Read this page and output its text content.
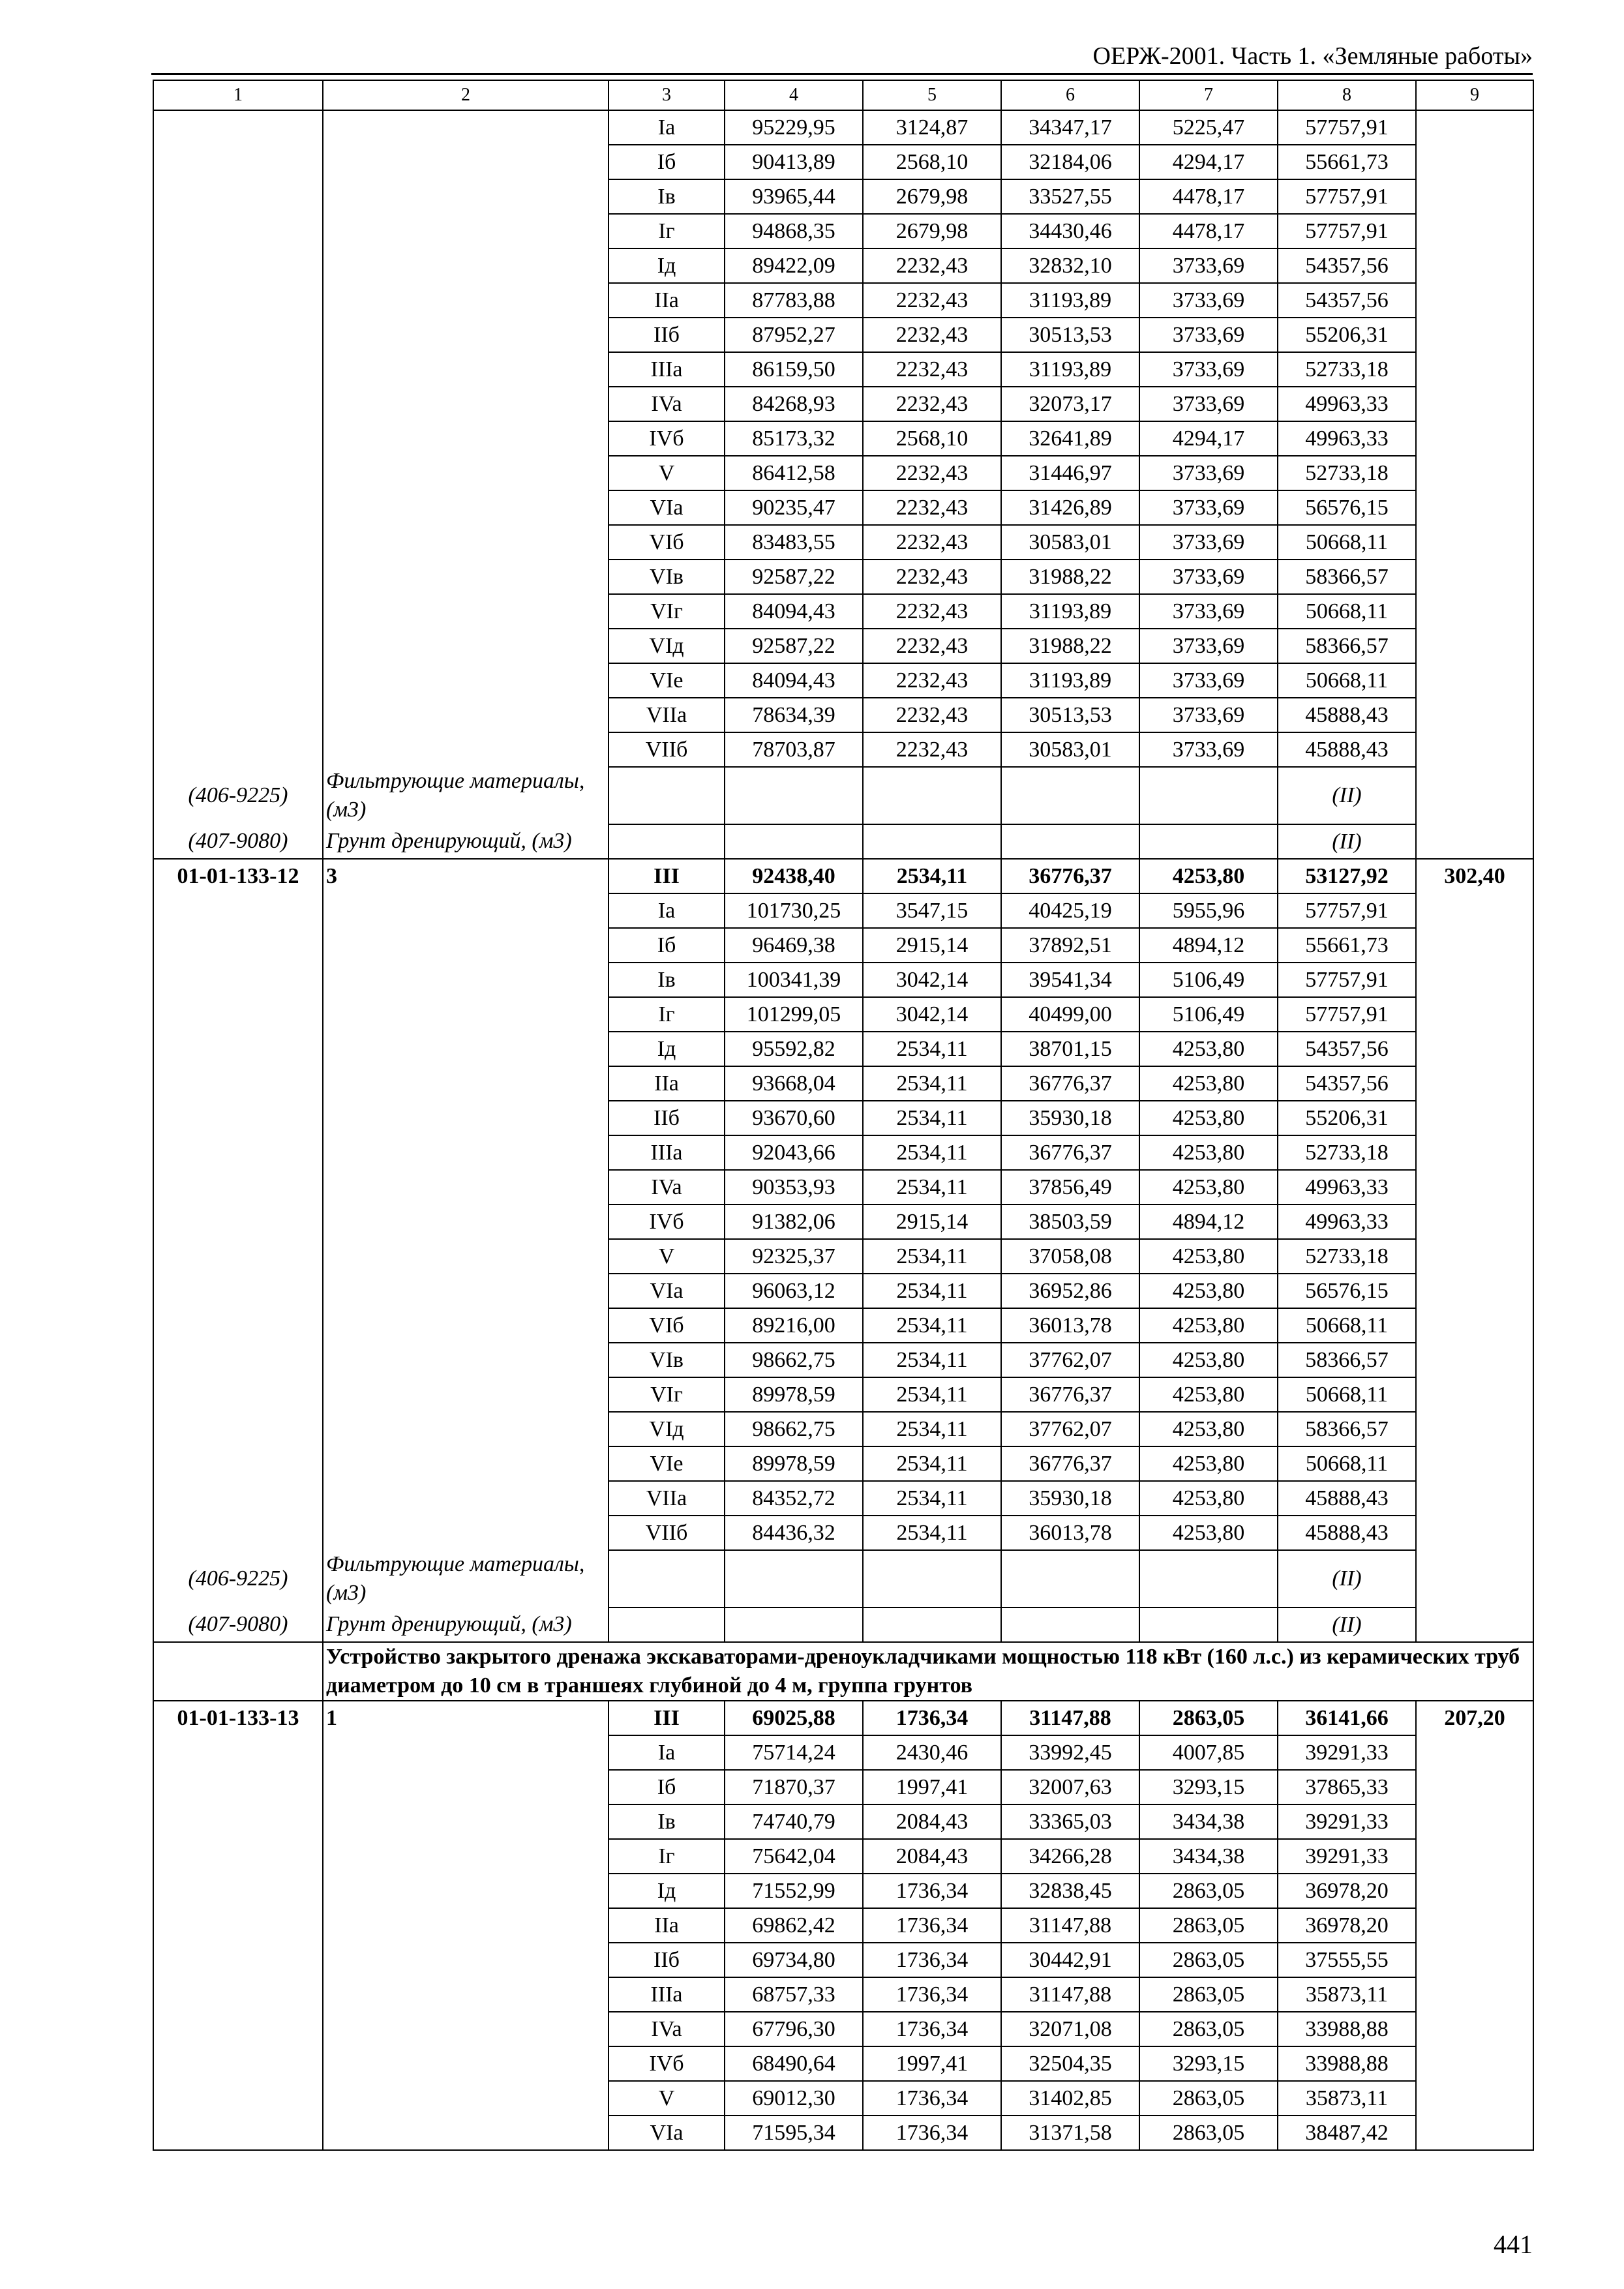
ОЕРЖ-2001. Часть 1. «Земляные работы»
1	2	3	4	5	6	7	8	9
		Ia	95229,95	3124,87	34347,17	5225,47	57757,91	
		Iб	90413,89	2568,10	32184,06	4294,17	55661,73	
		Iв	93965,44	2679,98	33527,55	4478,17	57757,91	
		Iг	94868,35	2679,98	34430,46	4478,17	57757,91	
		Iд	89422,09	2232,43	32832,10	3733,69	54357,56	
		IIa	87783,88	2232,43	31193,89	3733,69	54357,56	
		IIб	87952,27	2232,43	30513,53	3733,69	55206,31	
		IIIa	86159,50	2232,43	31193,89	3733,69	52733,18	
		IVa	84268,93	2232,43	32073,17	3733,69	49963,33	
		IVб	85173,32	2568,10	32641,89	4294,17	49963,33	
		V	86412,58	2232,43	31446,97	3733,69	52733,18	
		VIa	90235,47	2232,43	31426,89	3733,69	56576,15	
		VIб	83483,55	2232,43	30583,01	3733,69	50668,11	
		VIв	92587,22	2232,43	31988,22	3733,69	58366,57	
		VIг	84094,43	2232,43	31193,89	3733,69	50668,11	
		VIд	92587,22	2232,43	31988,22	3733,69	58366,57	
		VIe	84094,43	2232,43	31193,89	3733,69	50668,11	
		VIIa	78634,39	2232,43	30513,53	3733,69	45888,43	
		VIIб	78703,87	2232,43	30583,01	3733,69	45888,43	
(406-9225)	Фильтрующие материалы, (м3)						(II)	
(407-9080)	Грунт дренирующий, (м3)						(II)	
01-01-133-12	3	III	92438,40	2534,11	36776,37	4253,80	53127,92	302,40
		Ia	101730,25	3547,15	40425,19	5955,96	57757,91	
		Iб	96469,38	2915,14	37892,51	4894,12	55661,73	
		Iв	100341,39	3042,14	39541,34	5106,49	57757,91	
		Iг	101299,05	3042,14	40499,00	5106,49	57757,91	
		Iд	95592,82	2534,11	38701,15	4253,80	54357,56	
		IIa	93668,04	2534,11	36776,37	4253,80	54357,56	
		IIб	93670,60	2534,11	35930,18	4253,80	55206,31	
		IIIa	92043,66	2534,11	36776,37	4253,80	52733,18	
		IVa	90353,93	2534,11	37856,49	4253,80	49963,33	
		IVб	91382,06	2915,14	38503,59	4894,12	49963,33	
		V	92325,37	2534,11	37058,08	4253,80	52733,18	
		VIa	96063,12	2534,11	36952,86	4253,80	56576,15	
		VIб	89216,00	2534,11	36013,78	4253,80	50668,11	
		VIв	98662,75	2534,11	37762,07	4253,80	58366,57	
		VIг	89978,59	2534,11	36776,37	4253,80	50668,11	
		VIд	98662,75	2534,11	37762,07	4253,80	58366,57	
		VIe	89978,59	2534,11	36776,37	4253,80	50668,11	
		VIIa	84352,72	2534,11	35930,18	4253,80	45888,43	
		VIIб	84436,32	2534,11	36013,78	4253,80	45888,43	
(406-9225)	Фильтрующие материалы, (м3)						(II)	
(407-9080)	Грунт дренирующий, (м3)						(II)	
	Устройство закрытого дренажа экскаваторами-дреноукладчиками мощностью 118 кВт (160 л.с.) из керамических труб диаметром до 10 см в траншеях глубиной до 4 м, группа грунтов							
01-01-133-13	1	III	69025,88	1736,34	31147,88	2863,05	36141,66	207,20
		Ia	75714,24	2430,46	33992,45	4007,85	39291,33	
		Iб	71870,37	1997,41	32007,63	3293,15	37865,33	
		Iв	74740,79	2084,43	33365,03	3434,38	39291,33	
		Iг	75642,04	2084,43	34266,28	3434,38	39291,33	
		Iд	71552,99	1736,34	32838,45	2863,05	36978,20	
		IIa	69862,42	1736,34	31147,88	2863,05	36978,20	
		IIб	69734,80	1736,34	30442,91	2863,05	37555,55	
		IIIa	68757,33	1736,34	31147,88	2863,05	35873,11	
		IVa	67796,30	1736,34	32071,08	2863,05	33988,88	
		IVб	68490,64	1997,41	32504,35	3293,15	33988,88	
		V	69012,30	1736,34	31402,85	2863,05	35873,11	
		VIa	71595,34	1736,34	31371,58	2863,05	38487,42	
441
